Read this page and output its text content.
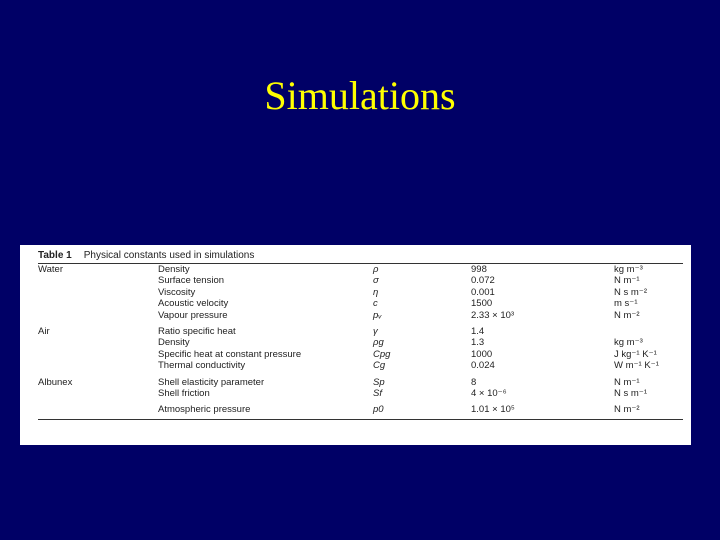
Simulations
Table 1 Physical constants used in simulations
Water	Density	ρ	998	kg m⁻³
	Surface tension	σ	0.072	N m⁻¹
	Viscosity	η	0.001	N s m⁻²
	Acoustic velocity	c	1500	m s⁻¹
	Vapour pressure	pᵥ	2.33 × 10³	N m⁻²

Air	Ratio specific heat	γ	1.4	
	Density	ρg	1.3	kg m⁻³
	Specific heat at constant pressure	Cpg	1000	J kg⁻¹ K⁻¹
	Thermal conductivity	Cg	0.024	W m⁻¹ K⁻¹

Albunex	Shell elasticity parameter	Sp	8	N m⁻¹
	Shell friction	Sf	4 × 10⁻⁶	N s m⁻¹

	Atmospheric pressure	p0	1.01 × 10⁵	N m⁻²
